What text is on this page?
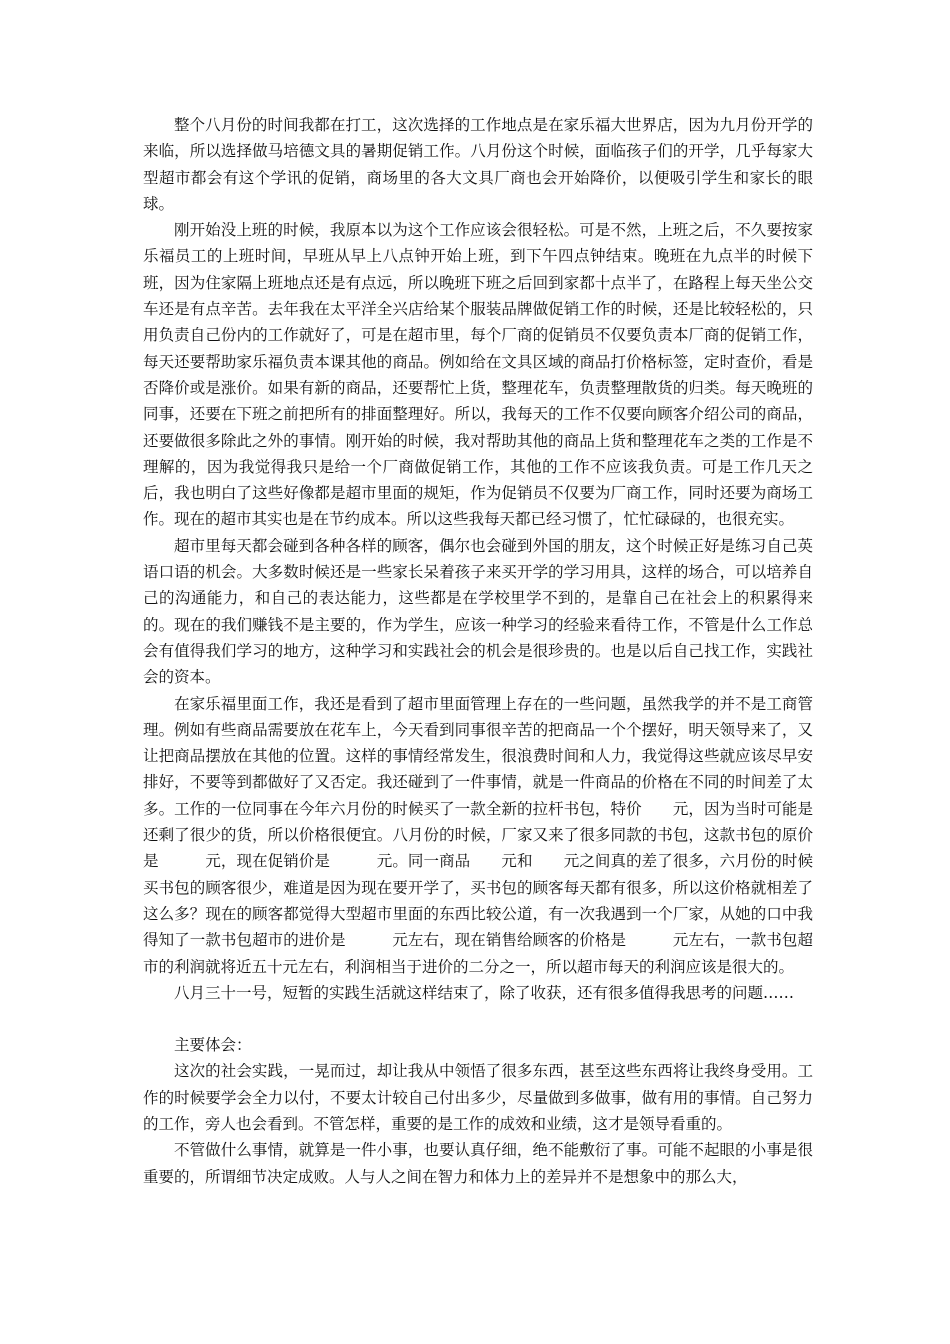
整个八月份的时间我都在打工，这次选择的工作地点是在家乐福大世界店，因为九月份开学的来临，所以选择做马培德文具的暑期促销工作。八月份这个时候，面临孩子们的开学，几乎每家大型超市都会有这个学讯的促销，商场里的各大文具厂商也会开始降价，以便吸引学生和家长的眼球。

刚开始没上班的时候，我原本以为这个工作应该会很轻松。可是不然，上班之后，不久要按家乐福员工的上班时间，早班从早上八点钟开始上班，到下午四点钟结束。晚班在九点半的时候下班，因为住家隔上班地点还是有点远，所以晚班下班之后回到家都十点半了，在路程上每天坐公交车还是有点辛苦。去年我在太平洋全兴店给某个服装品牌做促销工作的时候，还是比较轻松的，只用负责自己份内的工作就好了，可是在超市里，每个厂商的促销员不仅要负责本厂商的促销工作，每天还要帮助家乐福负责本课其他的商品。例如给在文具区域的商品打价格标签，定时查价，看是否降价或是涨价。如果有新的商品，还要帮忙上货，整理花车，负责整理散货的归类。每天晚班的同事，还要在下班之前把所有的排面整理好。所以，我每天的工作不仅要向顾客介绍公司的商品，还要做很多除此之外的事情。刚开始的时候，我对帮助其他的商品上货和整理花车之类的工作是不理解的，因为我觉得我只是给一个厂商做促销工作，其他的工作不应该我负责。可是工作几天之后，我也明白了这些好像都是超市里面的规矩，作为促销员不仅要为厂商工作，同时还要为商场工作。现在的超市其实也是在节约成本。所以这些我每天都已经习惯了，忙忙碌碌的，也很充实。

超市里每天都会碰到各种各样的顾客，偶尔也会碰到外国的朋友，这个时候正好是练习自己英语口语的机会。大多数时候还是一些家长呆着孩子来买开学的学习用具，这样的场合，可以培养自己的沟通能力，和自己的表达能力，这些都是在学校里学不到的，是靠自己在社会上的积累得来的。现在的我们赚钱不是主要的，作为学生，应该一种学习的经验来看待工作，不管是什么工作总会有值得我们学习的地方，这种学习和实践社会的机会是很珍贵的。也是以后自己找工作，实践社会的资本。

在家乐福里面工作，我还是看到了超市里面管理上存在的一些问题，虽然我学的并不是工商管理。例如有些商品需要放在花车上，今天看到同事很辛苦的把商品一个个摆好，明天领导来了，又让把商品摆放在其他的位置。这样的事情经常发生，很浪费时间和人力，我觉得这些就应该尽早安排好，不要等到都做好了又否定。我还碰到了一件事情，就是一件商品的价格在不同的时间差了太多。工作的一位同事在今年六月份的时候买了一款全新的拉杆书包，特价　　元，因为当时可能是还剩了很少的货，所以价格很便宜。八月份的时候，厂家又来了很多同款的书包，这款书包的原价是　　　元，现在促销价是　　　元。同一商品　　元和　　元之间真的差了很多，六月份的时候买书包的顾客很少，难道是因为现在要开学了，买书包的顾客每天都有很多，所以这价格就相差了这么多？现在的顾客都觉得大型超市里面的东西比较公道，有一次我遇到一个厂家，从她的口中我得知了一款书包超市的进价是　　　元左右，现在销售给顾客的价格是　　　元左右，一款书包超市的利润就将近五十元左右，利润相当于进价的二分之一，所以超市每天的利润应该是很大的。

八月三十一号，短暂的实践生活就这样结束了，除了收获，还有很多值得我思考的问题……

主要体会：

这次的社会实践，一晃而过，却让我从中领悟了很多东西，甚至这些东西将让我终身受用。工作的时候要学会全力以付，不要太计较自己付出多少，尽量做到多做事，做有用的事情。自己努力的工作，旁人也会看到。不管怎样，重要的是工作的成效和业绩，这才是领导看重的。

不管做什么事情，就算是一件小事，也要认真仔细，绝不能敷衍了事。可能不起眼的小事是很重要的，所谓细节决定成败。人与人之间在智力和体力上的差异并不是想象中的那么大，
